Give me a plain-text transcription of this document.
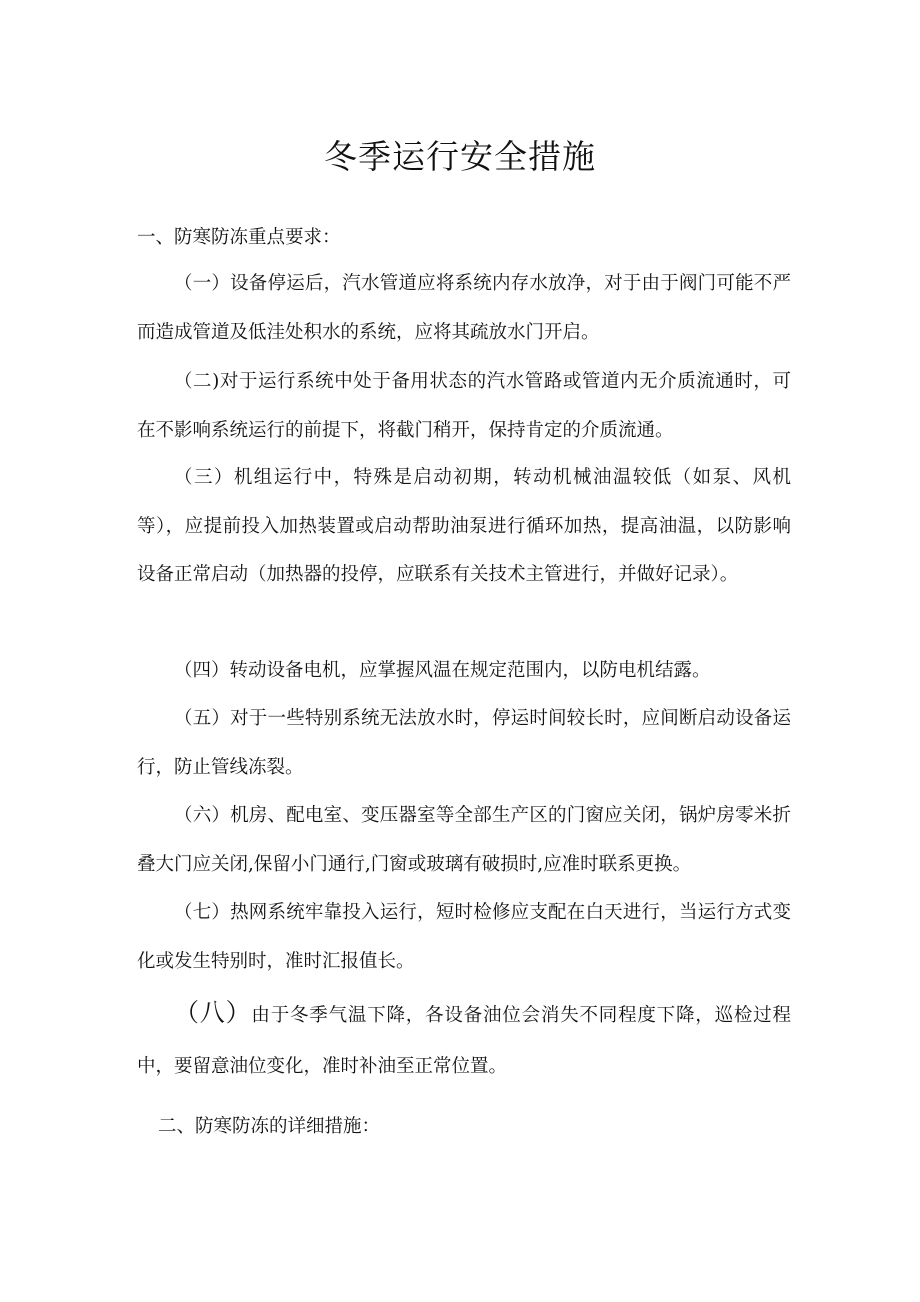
冬季运行安全措施

一、防寒防冻重点要求：

（一）设备停运后，汽水管道应将系统内存水放净，对于由于阀门可能不严而造成管道及低洼处积水的系统，应将其疏放水门开启。

（二)对于运行系统中处于备用状态的汽水管路或管道内无介质流通时，可在不影响系统运行的前提下，将截门稍开，保持肯定的介质流通。

（三）机组运行中，特殊是启动初期，转动机械油温较低（如泵、风机等），应提前投入加热装置或启动帮助油泵进行循环加热，提高油温，以防影响设备正常启动（加热器的投停，应联系有关技术主管进行，并做好记录）。

（四）转动设备电机，应掌握风温在规定范围内，以防电机结露。

（五）对于一些特别系统无法放水时，停运时间较长时，应间断启动设备运行，防止管线冻裂。

（六）机房、配电室、变压器室等全部生产区的门窗应关闭，锅炉房零米折叠大门应关闭,保留小门通行,门窗或玻璃有破损时,应准时联系更换。

（七）热网系统牢靠投入运行，短时检修应支配在白天进行，当运行方式变化或发生特别时，准时汇报值长。

（八）由于冬季气温下降，各设备油位会消失不同程度下降，巡检过程中，要留意油位变化，准时补油至正常位置。

二、防寒防冻的详细措施：
